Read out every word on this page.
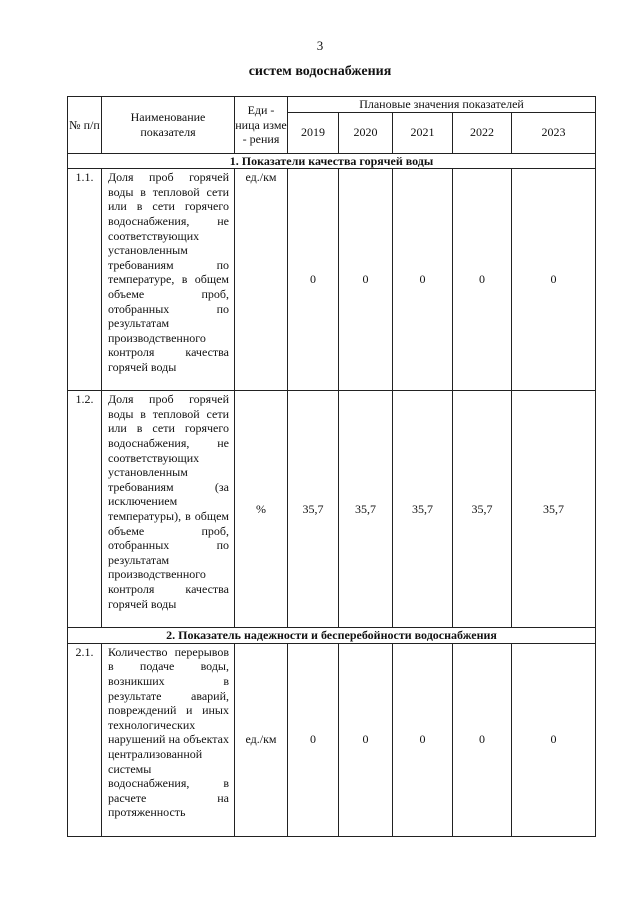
3
систем водоснабжения
№ п/п	Наименование показателя	Еди - ница изме - рения	Плановые значения показателей				
			2019	2020	2021	2022	2023
1. Показатели качества горячей воды							
1.1.	Доля проб горячей воды в тепловой сети или в сети горячего водоснабжения, не соответствующих установленным требованиям по температуре, в общем объеме проб, отобранных по результатам производственного контроля качества горячей воды	ед./км	0	0	0	0	0
1.2.	Доля проб горячей воды в тепловой сети или в сети горячего водоснабжения, не соответствующих установленным требованиям (за исключением температуры), в общем объеме проб, отобранных по результатам производственного контроля качества горячей воды	%	35,7	35,7	35,7	35,7	35,7
2. Показатель надежности и бесперебойности водоснабжения							
2.1.	Количество перерывов в подаче воды, возникших в результате аварий, повреждений и иных технологических нарушений на объектах централизованной системы водоснабжения, в расчете на протяженность	ед./км	0	0	0	0	0
